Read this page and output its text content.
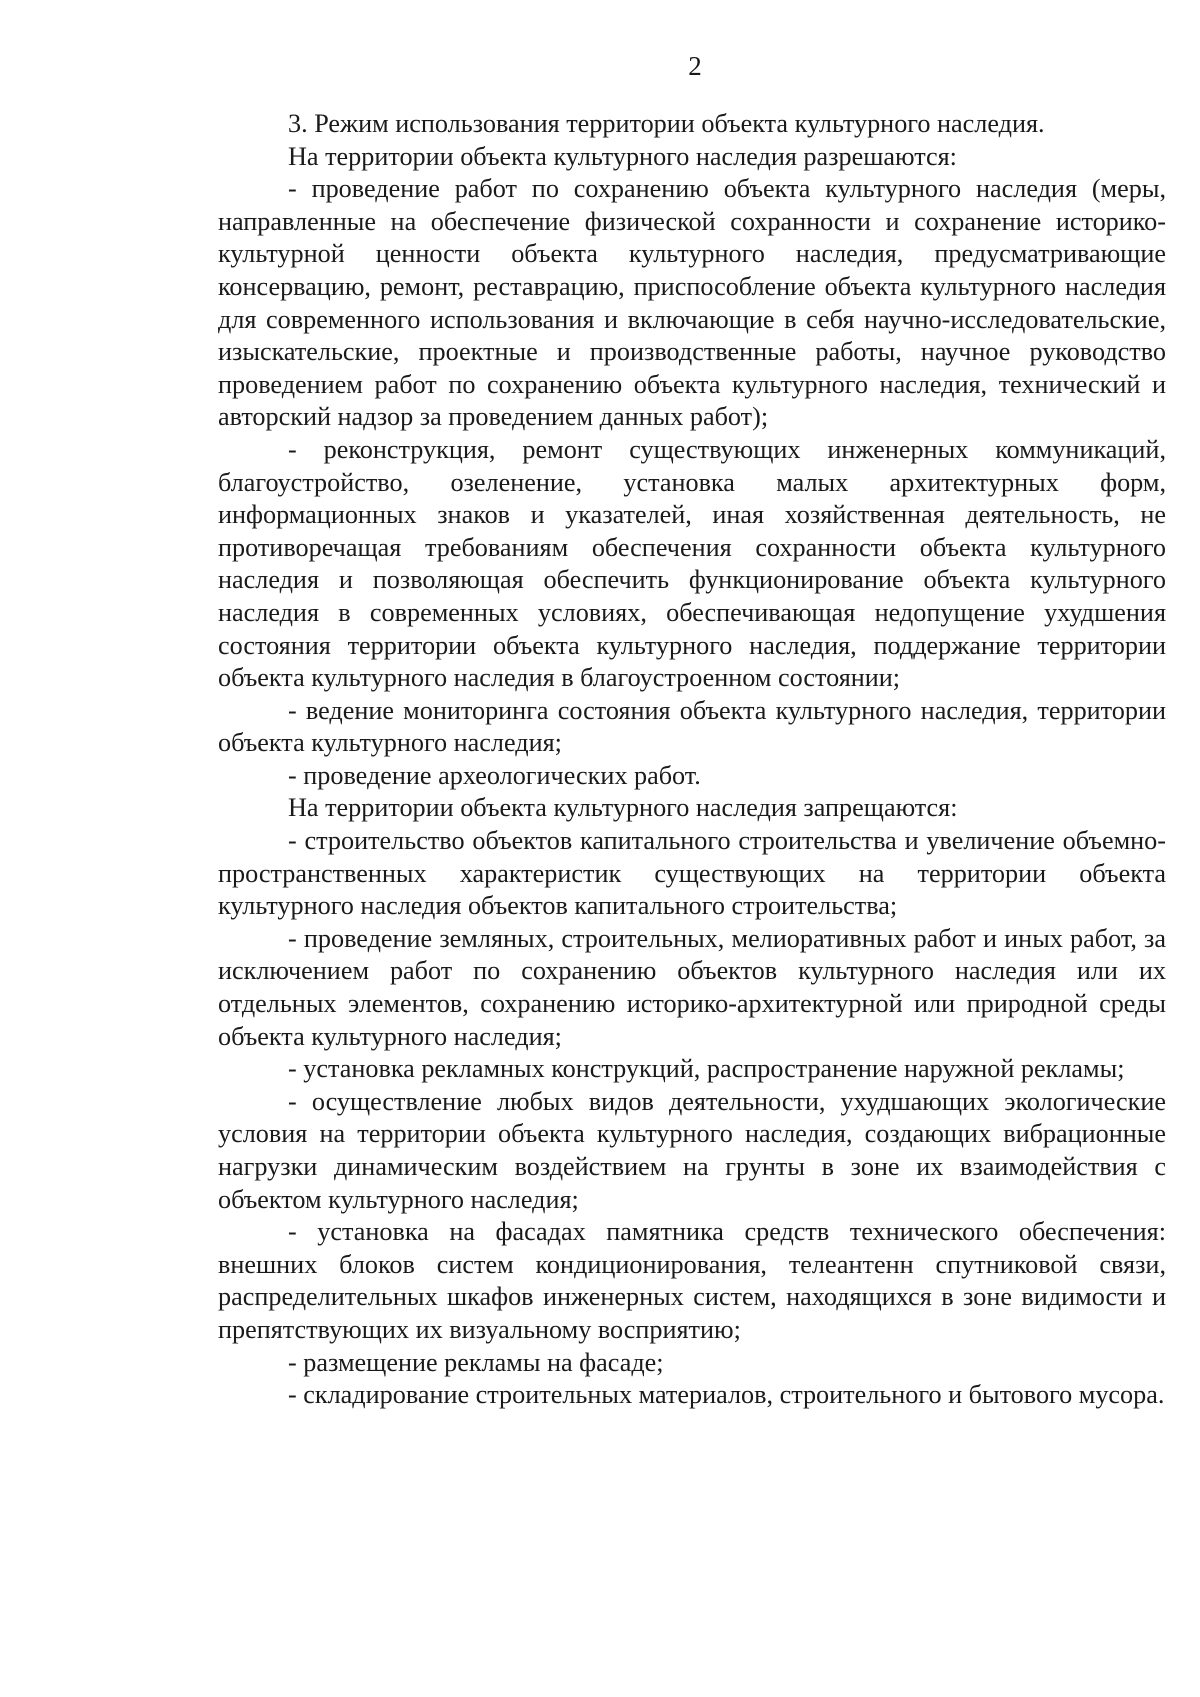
2

3. Режим использования территории объекта культурного наследия.

На территории объекта культурного наследия разрешаются:

- проведение работ по сохранению объекта культурного наследия (меры, направленные на обеспечение физической сохранности и сохранение историко-культурной ценности объекта культурного наследия, предусматривающие консервацию, ремонт, реставрацию, приспособление объекта культурного наследия для современного использования и включающие в себя научно-исследовательские, изыскательские, проектные и производственные работы, научное руководство проведением работ по сохранению объекта культурного наследия, технический и авторский надзор за проведением данных работ);

- реконструкция, ремонт существующих инженерных коммуникаций, благоустройство, озеленение, установка малых архитектурных форм, информационных знаков и указателей, иная хозяйственная деятельность, не противоречащая требованиям обеспечения сохранности объекта культурного наследия и позволяющая обеспечить функционирование объекта культурного наследия в современных условиях, обеспечивающая недопущение ухудшения состояния территории объекта культурного наследия, поддержание территории объекта культурного наследия в благоустроенном состоянии;

- ведение мониторинга состояния объекта культурного наследия, территории объекта культурного наследия;

- проведение археологических работ.

На территории объекта культурного наследия запрещаются:

- строительство объектов капитального строительства и увеличение объемно-пространственных характеристик существующих на территории объекта культурного наследия объектов капитального строительства;

- проведение земляных, строительных, мелиоративных работ и иных работ, за исключением работ по сохранению объектов культурного наследия или их отдельных элементов, сохранению историко-архитектурной или природной среды объекта культурного наследия;

- установка рекламных конструкций, распространение наружной рекламы;

- осуществление любых видов деятельности, ухудшающих экологические условия на территории объекта культурного наследия, создающих вибрационные нагрузки динамическим воздействием на грунты в зоне их взаимодействия с объектом культурного наследия;

- установка на фасадах памятника средств технического обеспечения: внешних блоков систем кондиционирования, телеантенн спутниковой связи, распределительных шкафов инженерных систем, находящихся в зоне видимости и препятствующих их визуальному восприятию;

- размещение рекламы на фасаде;

- складирование строительных материалов, строительного и бытового мусора.
